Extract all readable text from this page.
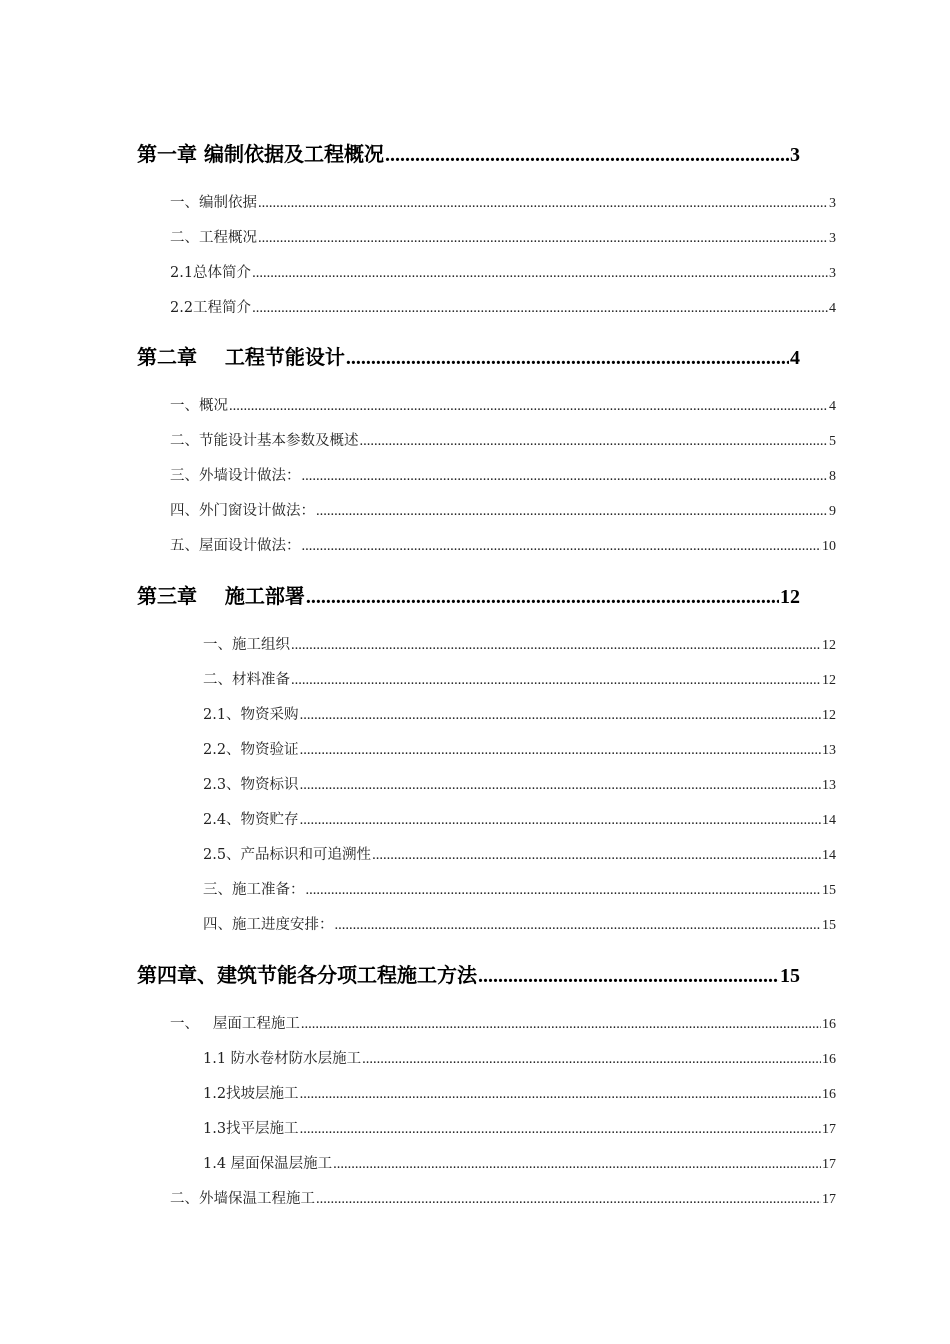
第一章 编制依据及工程概况 .....	3
一、编制依据 .....	3
二、工程概况 .....	3
2.1总体简介 .....	3
2.2工程简介 .....	4
第二章    工程节能设计 .....	4
一、概况 .....	4
二、节能设计基本参数及概述 .....	5
三、外墙设计做法： .....	8
四、外门窗设计做法： .....	9
五、屋面设计做法： .....	10
第三章    施工部署 .....	12
一、施工组织 .....	12
二、材料准备 .....	12
2.1、物资采购 .....	12
2.2、物资验证 .....	13
2.3、物资标识 .....	13
2.4、物资贮存 .....	14
2.5、产品标识和可追溯性 .....	14
三、施工准备： .....	15
四、施工进度安排： .....	15
第四章、建筑节能各分项工程施工方法 .....	15
一、   屋面工程施工 .....	16
1.1 防水卷材防水层施工 .....	16
1.2找坡层施工 .....	16
1.3找平层施工 .....	17
1.4 屋面保温层施工 .....	17
二、外墙保温工程施工 .....	17
